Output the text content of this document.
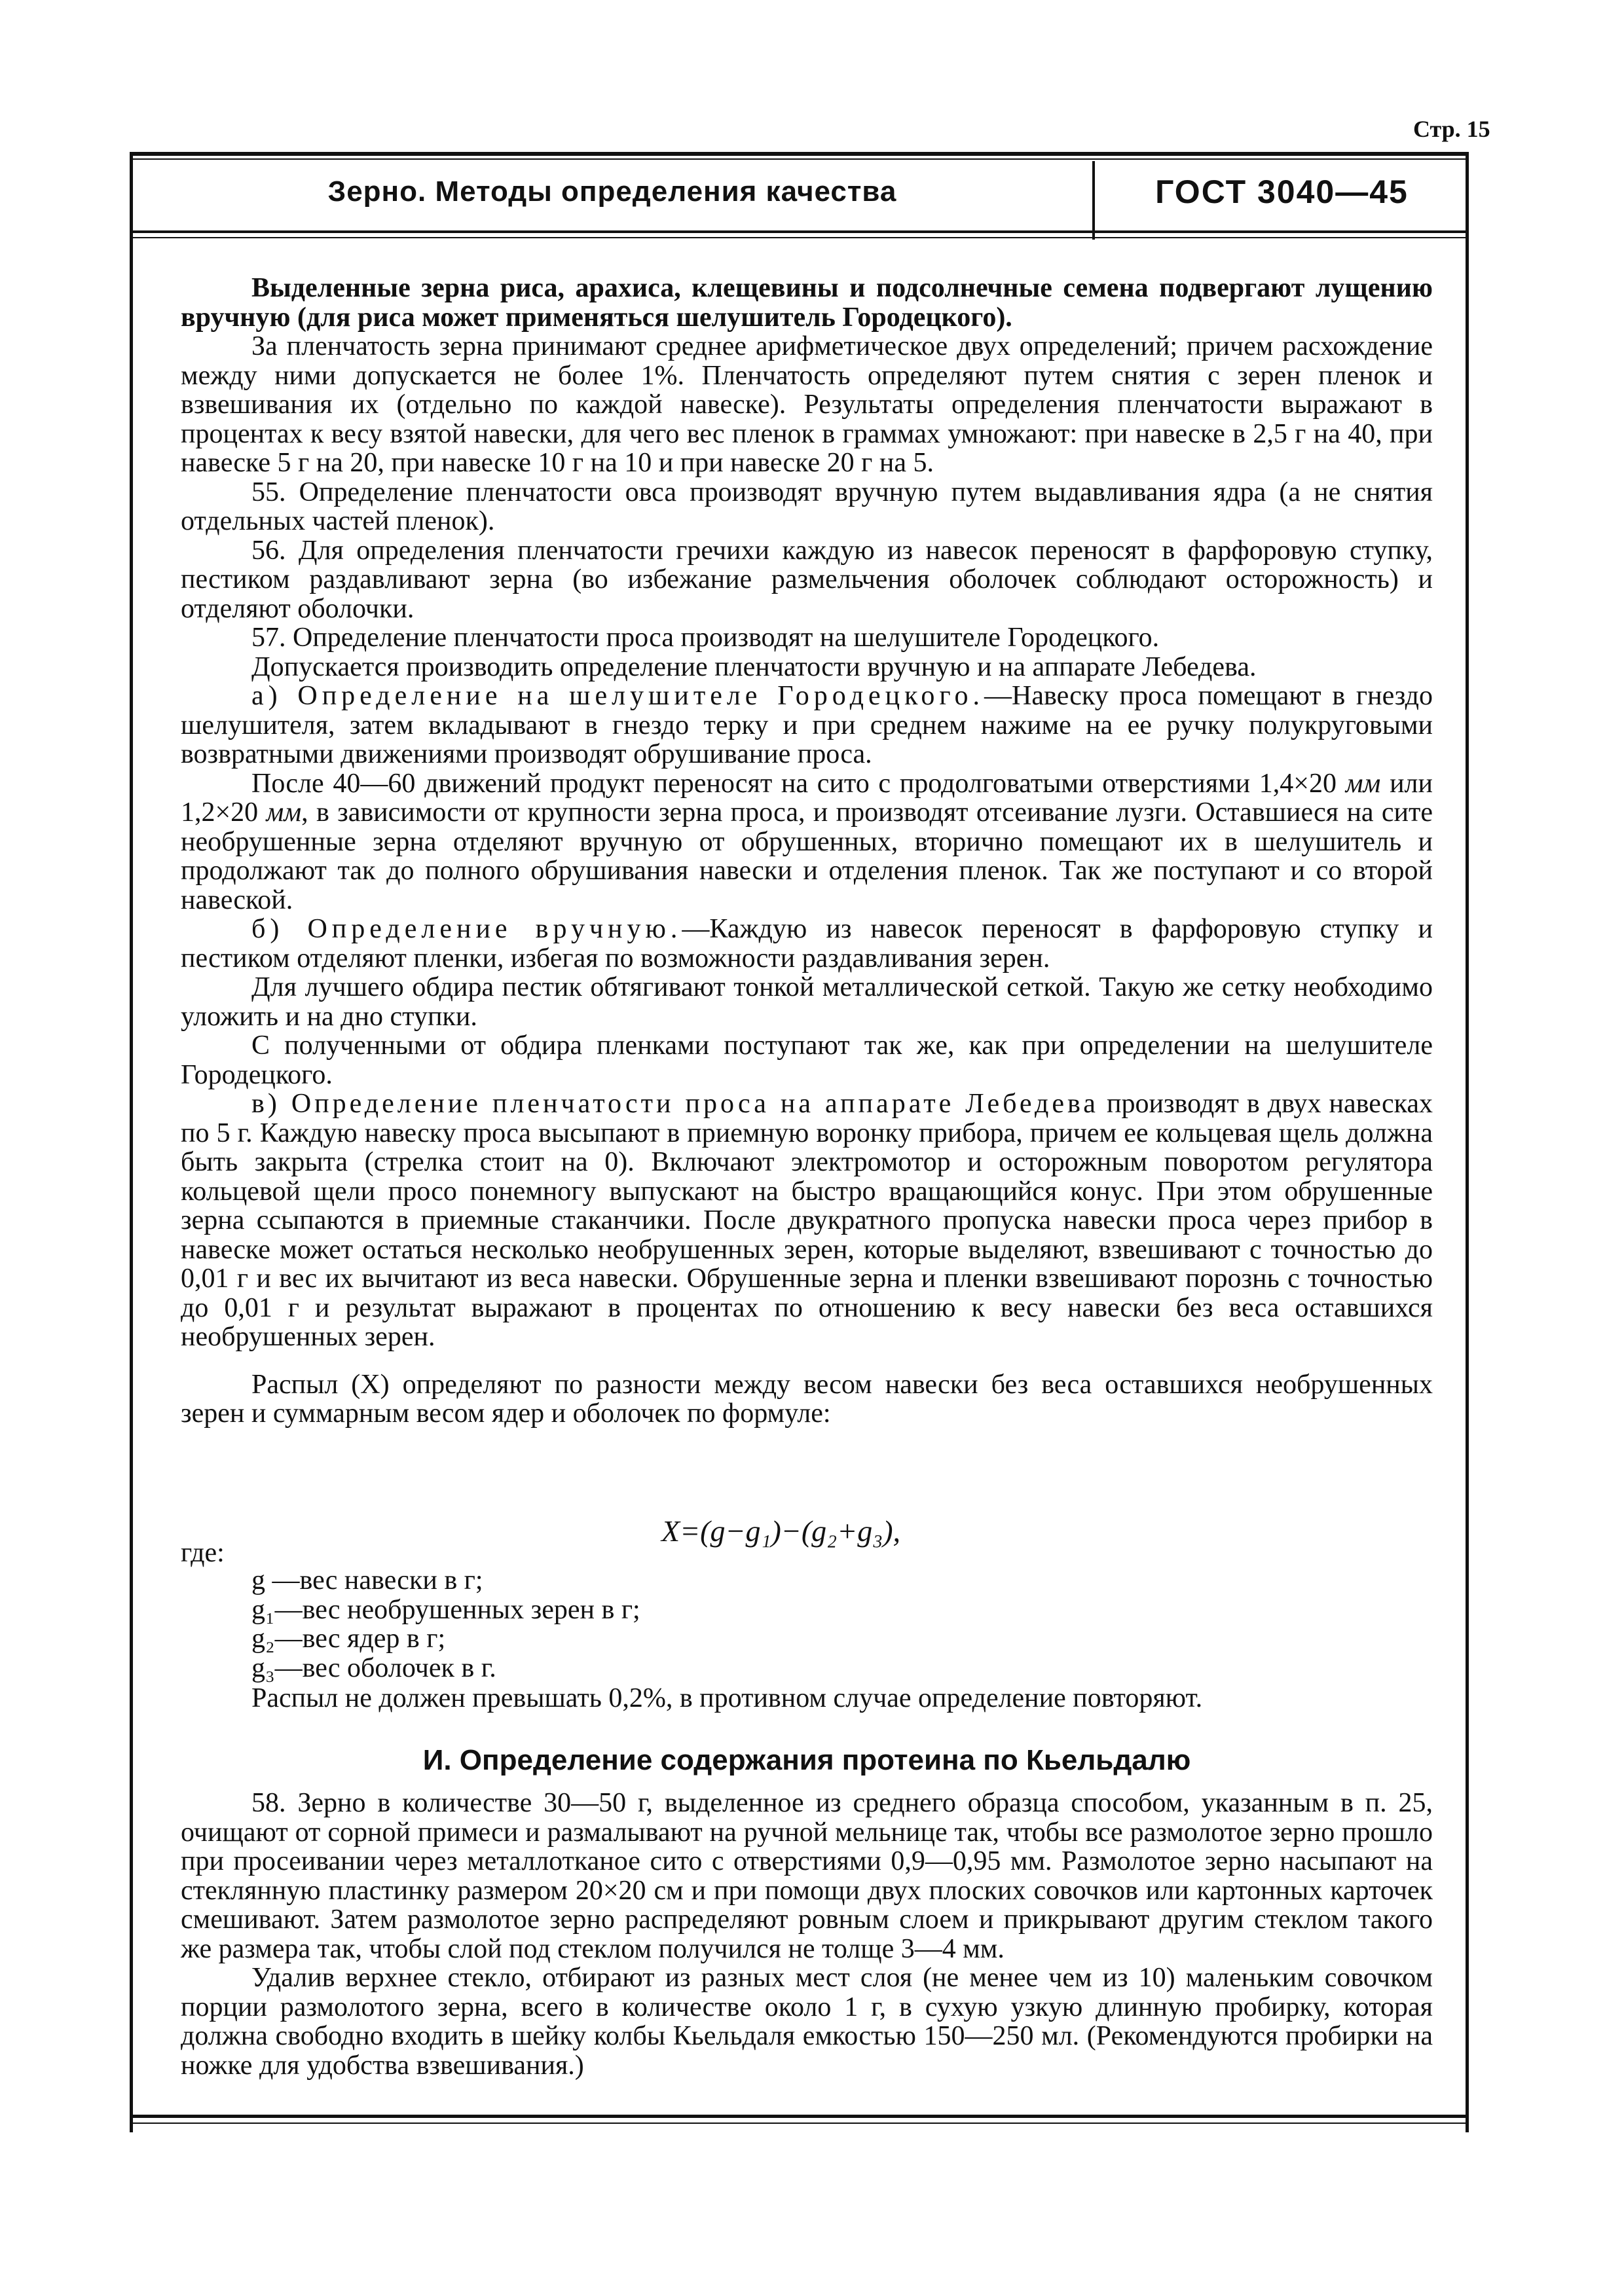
Стр. 15
Зерно. Методы определения качества	ГОСТ 3040—45

Выделенные зерна риса, арахиса, клещевины и подсолнечные семена подвергают лущению вручную (для риса может применяться шелушитель Городецкого).

За пленчатость зерна принимают среднее арифметическое двух определений; причем расхождение между ними допускается не более 1%. Пленчатость определяют путем снятия с зерен пленок и взвешивания их (отдельно по каждой навеске). Результаты определения пленчатости выражают в процентах к весу взятой навески, для чего вес пленок в граммах умножают: при навеске в 2,5 г на 40, при навеске 5 г на 20, при навеске 10 г на 10 и при навеске 20 г на 5.

55. Определение пленчатости овса производят вручную путем выдавливания ядра (а не снятия отдельных частей пленок).

56. Для определения пленчатости гречихи каждую из навесок переносят в фарфоровую ступку, пестиком раздавливают зерна (во избежание размельчения оболочек соблюдают осторожность) и отделяют оболочки.

57. Определение пленчатости проса производят на шелушителе Городецкого.

Допускается производить определение пленчатости вручную и на аппарате Лебедева.

а) Определение на шелушителе Городецкого.—Навеску проса помещают в гнездо шелушителя, затем вкладывают в гнездо терку и при среднем нажиме на ее ручку полукруговыми возвратными движениями производят обрушивание проса.

После 40—60 движений продукт переносят на сито с продолговатыми отверстиями 1,4×20 мм или 1,2×20 мм, в зависимости от крупности зерна проса, и производят отсеивание лузги. Оставшиеся на сите необрушенные зерна отделяют вручную от обрушенных, вторично помещают их в шелушитель и продолжают так до полного обрушивания навески и отделения пленок. Так же поступают и со второй навеской.

б) Определение вручную.—Каждую из навесок переносят в фарфоровую ступку и пестиком отделяют пленки, избегая по возможности раздавливания зерен.

Для лучшего обдира пестик обтягивают тонкой металлической сеткой. Такую же сетку необходимо уложить и на дно ступки.

С полученными от обдира пленками поступают так же, как при определении на шелушителе Городецкого.

в) Определение пленчатости проса на аппарате Лебедева производят в двух навесках по 5 г. Каждую навеску проса высыпают в приемную воронку прибора, причем ее кольцевая щель должна быть закрыта (стрелка стоит на 0). Включают электромотор и осторожным поворотом регулятора кольцевой щели просо понемногу выпускают на быстро вращающийся конус. При этом обрушенные зерна ссыпаются в приемные стаканчики. После двукратного пропуска навески проса через прибор в навеске может остаться несколько необрушенных зерен, которые выделяют, взвешивают с точностью до 0,01 г и вес их вычитают из веса навески. Обрушенные зерна и пленки взвешивают порознь с точностью до 0,01 г и результат выражают в процентах по отношению к весу навески без веса оставшихся необрушенных зерен.

Распыл (X) определяют по разности между весом навески без веса оставшихся необрушенных зерен и суммарным весом ядер и оболочек по формуле:

X=(g−g₁)−(g₂+g₃),
где:
g —вес навески в г;
g₁—вес необрушенных зерен в г;
g₂—вес ядер в г;
g₃—вес оболочек в г.
Распыл не должен превышать 0,2%, в противном случае определение повторяют.
И. Определение содержания протеина по Кьельдалю

58. Зерно в количестве 30—50 г, выделенное из среднего образца способом, указанным в п. 25, очищают от сорной примеси и размалывают на ручной мельнице так, чтобы все размолотое зерно прошло при просеивании через металлотканое сито с отверстиями 0,9—0,95 мм. Размолотое зерно насыпают на стеклянную пластинку размером 20×20 см и при помощи двух плоских совочков или картонных карточек смешивают. Затем размолотое зерно распределяют ровным слоем и прикрывают другим стеклом такого же размера так, чтобы слой под стеклом получился не толще 3—4 мм.

Удалив верхнее стекло, отбирают из разных мест слоя (не менее чем из 10) маленьким совочком порции размолотого зерна, всего в количестве около 1 г, в сухую узкую длинную пробирку, которая должна свободно входить в шейку колбы Кьельдаля емкостью 150—250 мл. (Рекомендуются пробирки на ножке для удобства взвешивания.)
